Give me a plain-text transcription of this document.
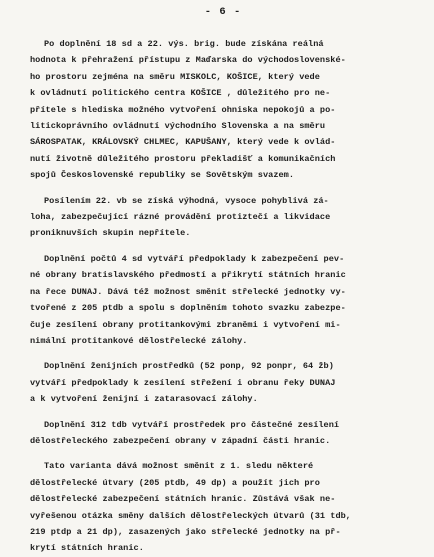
- 6 -
Po doplnění 18 sd a 22. výs. brig. bude získána reálná
hodnota k přehražení přístupu z Maďarska do východoslovenské-
ho prostoru zejména na směru MISKOLC, KOŠICE, který vede
k ovládnutí politického centra KOŠICE , důležitého pro ne-
přítele s hlediska možného vytvoření ohniska nepokojů a po-
litickoprávního ovládnutí východního Slovenska a na směru
SÁROSPATAK, KRÁLOVSKÝ CHLMEC, KAPUŠANY, který vede k ovlád-
nutí životně důležitého prostoru překladišť a komunikačních
spojů Československé republiky se Sovětským svazem.
Posílením 22. vb se získá výhodná, vysoce pohyblivá zá-
loha, zabezpečující rázné provádění protiztečí a likvidace
proniknuvších skupin nepřítele.
Doplnění počtů 4 sd vytváří předpoklady k zabezpečení pev-
né obrany bratislavského předmostí a přikrytí státních hranic
na řece DUNAJ. Dává též možnost směnit střelecké jednotky vy-
tvořené z 205 ptdb a spolu s doplněním tohoto svazku zabezpe-
čuje zesílení obrany protitankovými zbraněmi i vytvoření mi-
nimální protitankové dělostřelecké zálohy.
Doplnění ženijních prostředků (52 ponp, 92 ponpr, 64 žb)
vytváří předpoklady k zesílení střežení i obranu řeky DUNAJ
a k vytvoření ženijní i zatarasovací zálohy.
Doplnění 312 tdb vytváří prostředek pro částečné zesílení
dělostřeleckého zabezpečení obrany v západní části hranic.
Tato varianta dává možnost směnit z 1. sledu některé
dělostřelecké útvary (205 ptdb, 49 dp) a použít jich pro
dělostřelecké zabezpečení státních hranic. Zůstává však ne-
vyřešenou otázka směny dalších dělostřeleckých útvarů (31 tdb,
219 ptdp a 21 dp), zasazených jako střelecké jednotky na př-
krytí státních hranic.
